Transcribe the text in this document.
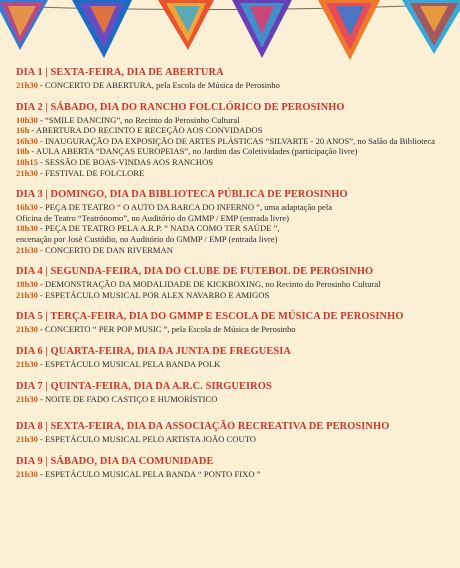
DIA 1 | SEXTA-FEIRA, DIA DE ABERTURA
21h30 - CONCERTO DE ABERTURA, pela Escola de Música de Perosinho
DIA 2 | SÁBADO, DIA DO RANCHO FOLCLÓRICO DE PEROSINHO
10h30 - “SMILE DANCING”, no Recinto do Perosinho Cultural
16h - ABERTURA DO RECINTO E RECEÇÃO AOS CONVIDADOS
16h30 - INAUGURAÇÃO DA EXPOSIÇÃO DE ARTES PLÁSTICAS “SILVARTE - 20 ANOS”, no Salão da Biblioteca
18h - AULA ABERTA “DANÇAS EUROPEIAS”, no Jardim das Coletividades (participação livre)
18h15 - SESSÃO DE BOAS-VINDAS AOS RANCHOS
21h30 - FESTIVAL DE FOLCLORE
DIA 3 | DOMINGO, DIA DA BIBLIOTECA PÚBLICA DE PEROSINHO
16h30 - PEÇA DE TEATRO “ O AUTO DA BARCA DO INFERNO ”, uma adaptação pela
Oficina de Teatro “Teatrónomo”, no Auditório do GMMP / EMP (entrada livre)
18h30 - PEÇA DE TEATRO PELA A.R.P. “ NADA COMO TER SAÚDE ”,
encenação por José Custódio, no Auditório do GMMP / EMP (entrada livre)
21h30 - CONCERTO DE DAN RIVERMAN
DIA 4 | SEGUNDA-FEIRA, DIA DO CLUBE DE FUTEBOL DE PEROSINHO
18h30 - DEMONSTRAÇÃO DA MODALIDADE DE KICKBOXING, no Recinto do Perosinho Cultural
21h30 - ESPETÁCULO MUSICAL POR ALEX NAVARRO E AMIGOS
DIA 5 | TERÇA-FEIRA, DIA DO GMMP E ESCOLA DE MÚSICA DE PEROSINHO
21h30 - CONCERTO “ PER POP MUSIC ”, pela Escola de Música de Perosinho
DIA 6 | QUARTA-FEIRA, DIA DA JUNTA DE FREGUESIA
21h30 - ESPETÁCULO MUSICAL PELA BANDA POLK
DIA 7 | QUINTA-FEIRA, DIA DA A.R.C. SIRGUEIROS
21h30 - NOITE DE FADO CASTIÇO E HUMORÍSTICO
DIA 8 | SEXTA-FEIRA, DIA DA ASSOCIAÇÃO RECREATIVA DE PEROSINHO
21h30 - ESPETÁCULO MUSICAL PELO ARTISTA JOÃO COUTO
DIA 9 | SÁBADO, DIA DA COMUNIDADE
21h30 - ESPETÁCULO MUSICAL PELA BANDA “ PONTO FIXO ”
